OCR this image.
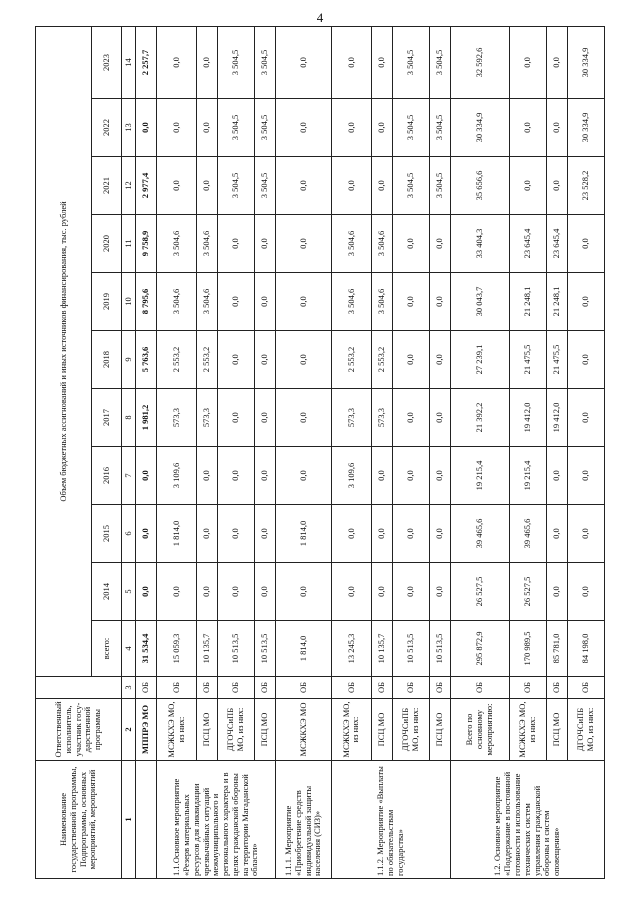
4
Наименование государственной программы, Подпрограммы, основных мероприятий, мероприятий	Ответственный исполнитель, участник госу-дарственной программы		Объем бюджетных ассигнований и иных источников финансирования, тыс. рублей										
			всего:	2014	2015	2016	2017	2018	2019	2020	2021	2022	2023
1	2	3	4	5	6	7	8	9	10	11	12	13	14
	МППРЭ МО	ОБ	31 534,4	0,0	0,0	0,0	1 981,2	5 763,6	8 795,6	9 758,9	2 977,4	0,0	2 257,7
1.1.Основное мероприятие «Резерв материальных ресурсов для ликвидации чрезвычайных ситуаций межмуниципального и регионального характера и в целях гражданской обороны на территории Магаданской области»	МСЖКХЭ МО, из них:	ОБ	15 059,3	0,0	1 814,0	3 109,6	573,3	2 553,2	3 504,6	3 504,6	0,0	0,0	0,0
	ПСЦ МО	ОБ	10 135,7	0,0	0,0	0,0	573,3	2 553,2	3 504,6	3 504,6	0,0	0,0	0,0
	ДГОЧСиПБ МО, из них:	ОБ	10 513,5	0,0	0,0	0,0	0,0	0,0	0,0	0,0	3 504,5	3 504,5	3 504,5
	ПСЦ МО	ОБ	10 513,5	0,0	0,0	0,0	0,0	0,0	0,0	0,0	3 504,5	3 504,5	3 504,5
1.1.1. Мероприятие «Приобретение средств индивидуальной защиты населения (СИЗ)»	МСЖКХЭ МО	ОБ	1 814,0	0,0	1 814,0	0,0	0,0	0,0	0,0	0,0	0,0	0,0	0,0
1.1.2. Мероприятие «Выплаты по обязательствам государства»	МСЖКХЭ МО, из них:	ОБ	13 245,3	0,0	0,0	3 109,6	573,3	2 553,2	3 504,6	3 504,6	0,0	0,0	0,0
	ПСЦ МО	ОБ	10 135,7	0,0	0,0	0,0	573,3	2 553,2	3 504,6	3 504,6	0,0	0,0	0,0
	ДГОЧСиПБ МО, из них:	ОБ	10 513,5	0,0	0,0	0,0	0,0	0,0	0,0	0,0	3 504,5	3 504,5	3 504,5
	ПСЦ МО	ОБ	10 513,5	0,0	0,0	0,0	0,0	0,0	0,0	0,0	3 504,5	3 504,5	3 504,5
1.2. Основное мероприятие «Поддержание в постоянной готовности и использование технических систем управления гражданской обороны и систем оповещения»	Всего по основному мероприятию:	ОБ	295 872,9	26 527,5	39 465,6	19 215,4	21 392,2	27 239,1	30 043,7	33 404,3	35 656,6	30 334,9	32 592,6
	МСЖКХЭ МО, из них:	ОБ	170 989,5	26 527,5	39 465,6	19 215,4	19 412,0	21 475,5	21 248,1	23 645,4	0,0	0,0	0,0
	ПСЦ МО	ОБ	85 781,0	0,0	0,0	0,0	19 412,0	21 475,5	21 248,1	23 645,4	0,0	0,0	0,0
	ДГОЧСиПБ МО, из них:	ОБ	84 198,0	0,0	0,0	0,0	0,0	0,0	0,0	0,0	23 528,2	30 334,9	30 334,9
